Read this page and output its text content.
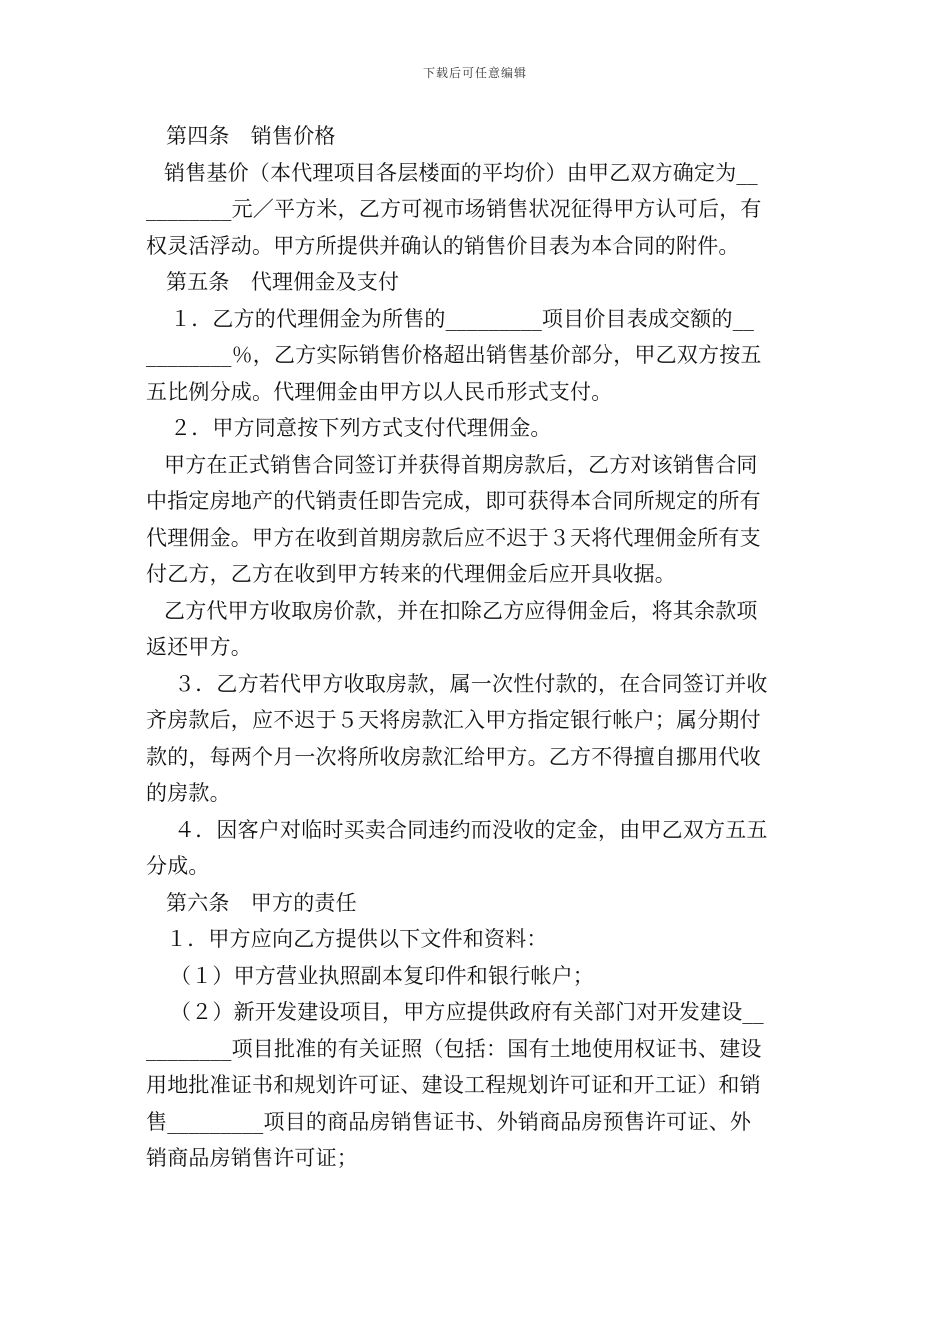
下载后可任意编辑
第四条　销售价格
销售基价（本代理项目各层楼面的平均价）由甲乙双方确定为__
________元／平方米，乙方可视市场销售状况征得甲方认可后，有
权灵活浮动。甲方所提供并确认的销售价目表为本合同的附件。
第五条　代理佣金及支付
１．乙方的代理佣金为所售的_________项目价目表成交额的__
________％，乙方实际销售价格超出销售基价部分，甲乙双方按五
五比例分成。代理佣金由甲方以人民币形式支付。
２．甲方同意按下列方式支付代理佣金。
甲方在正式销售合同签订并获得首期房款后，乙方对该销售合同
中指定房地产的代销责任即告完成，即可获得本合同所规定的所有
代理佣金。甲方在收到首期房款后应不迟于３天将代理佣金所有支
付乙方，乙方在收到甲方转来的代理佣金后应开具收据。
乙方代甲方收取房价款，并在扣除乙方应得佣金后，将其余款项
返还甲方。
３．乙方若代甲方收取房款，属一次性付款的，在合同签订并收
齐房款后，应不迟于５天将房款汇入甲方指定银行帐户；属分期付
款的，每两个月一次将所收房款汇给甲方。乙方不得擅自挪用代收
的房款。
４．因客户对临时买卖合同违约而没收的定金，由甲乙双方五五
分成。
第六条　甲方的责任
１．甲方应向乙方提供以下文件和资料：
（１）甲方营业执照副本复印件和银行帐户；
（２）新开发建设项目，甲方应提供政府有关部门对开发建设__
________项目批准的有关证照（包括：国有土地使用权证书、建设
用地批准证书和规划许可证、建设工程规划许可证和开工证）和销
售_________项目的商品房销售证书、外销商品房预售许可证、外
销商品房销售许可证；
